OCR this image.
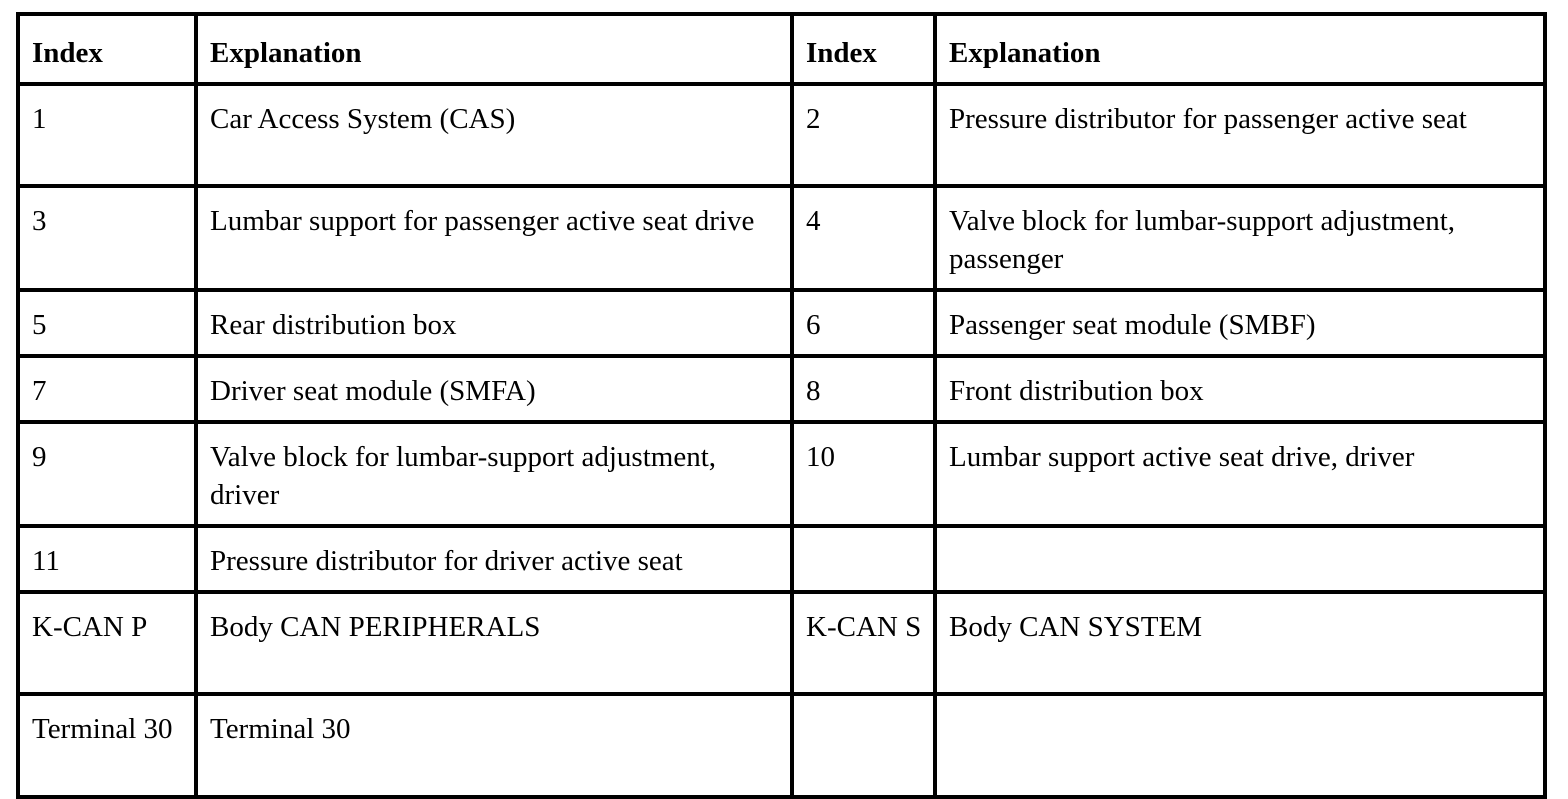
Index	Explanation	Index	Explanation
1	Car Access System (CAS)	2	Pressure distributor for passenger active seat
3	Lumbar support for passenger active seat drive	4	Valve block for lumbar-support adjustment, passenger
5	Rear distribution box	6	Passenger seat module (SMBF)
7	Driver seat module (SMFA)	8	Front distribution box
9	Valve block for lumbar-support adjustment, driver	10	Lumbar support active seat drive, driver
11	Pressure distributor for driver active seat		
K-CAN P	Body CAN PERIPHERALS	K-CAN S	Body CAN SYSTEM
Terminal 30	Terminal 30		
